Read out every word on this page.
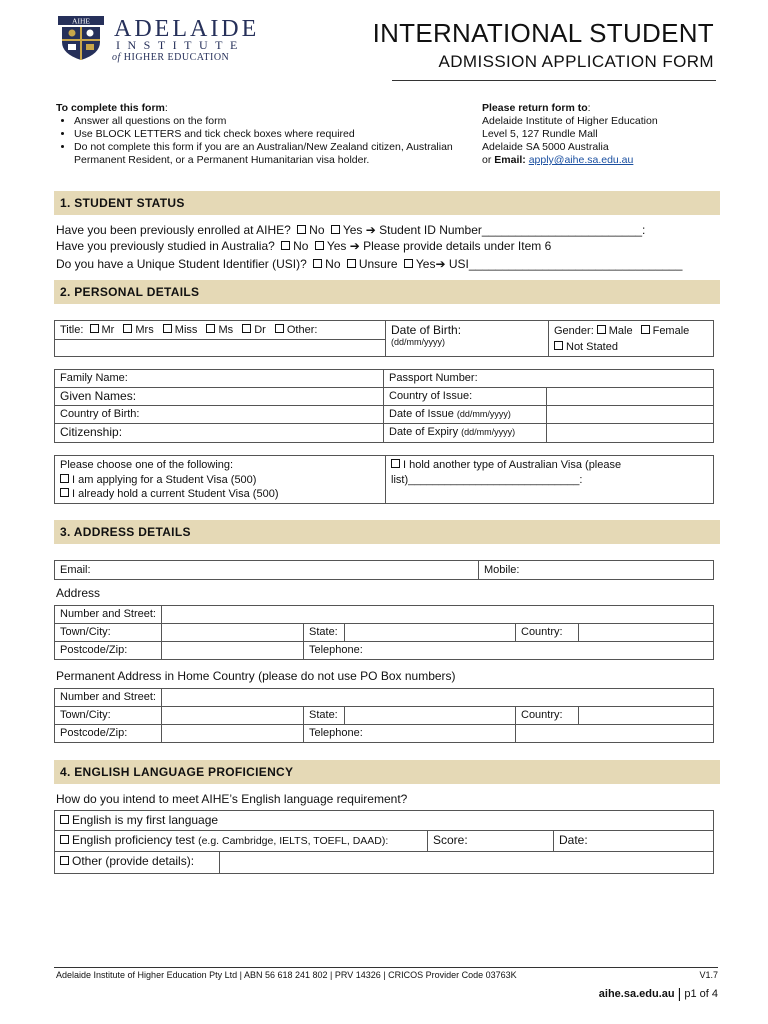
AIHE ADELAIDE
INSTITUTE
of HIGHER EDUCATION
INTERNATIONAL STUDENT
ADMISSION APPLICATION FORM
To complete this form:
• Answer all questions on the form
• Use BLOCK LETTERS and tick check boxes where required
• Do not complete this form if you are an Australian/New Zealand citizen, Australian Permanent Resident, or a Permanent Humanitarian visa holder.
Please return form to:
Adelaide Institute of Higher Education
Level 5, 127 Rundle Mall
Adelaide SA 5000 Australia
or Email: apply@aihe.sa.edu.au
1. STUDENT STATUS
Have you been previously enrolled at AIHE? No Yes ➔ Student ID Number________________________:
Have you previously studied in Australia? No Yes ➔ Please provide details under Item 6
Do you have a Unique Student Identifier (USI)? No Unsure Yes➔ USI________________________________
2. PERSONAL DETAILS
Title: Mr Mrs Miss Ms Dr Other:	Date of Birth:
(dd/mm/yyyy)

Gender: Male Female
Not Stated

Family Name:	Passport Number:	
Given Names:	Country of Issue:	
Country of Birth:	Date of Issue (dd/mm/yyyy)	
Citizenship:	Date of Expiry (dd/mm/yyyy)	
Please choose one of the following:
I am applying for a Student Visa (500)
I already hold a current Student Visa (500)

I hold another type of Australian Visa (please
list)____________________________:
3. ADDRESS DETAILS
Email:	Mobile:
Address
Number and Street:					
Town/City:		State:		Country:	
Postcode/Zip:		Telephone:			
Permanent Address in Home Country (please do not use PO Box numbers)
Number and Street:					
Town/City:		State:		Country:	
Postcode/Zip:		Telephone:			
4. ENGLISH LANGUAGE PROFICIENCY
How do you intend to meet AIHE’s English language requirement?
English is my first language
English proficiency test (e.g. Cambridge, IELTS, TOEFL, DAAD):	Score:	Date:

Other (provide details):
Adelaide Institute of Higher Education Pty Ltd | ABN 56 618 241 802 | PRV 14326 | CRICOS Provider Code 03763K	V1.7
aihe.sa.edu.au | p1 of 4
